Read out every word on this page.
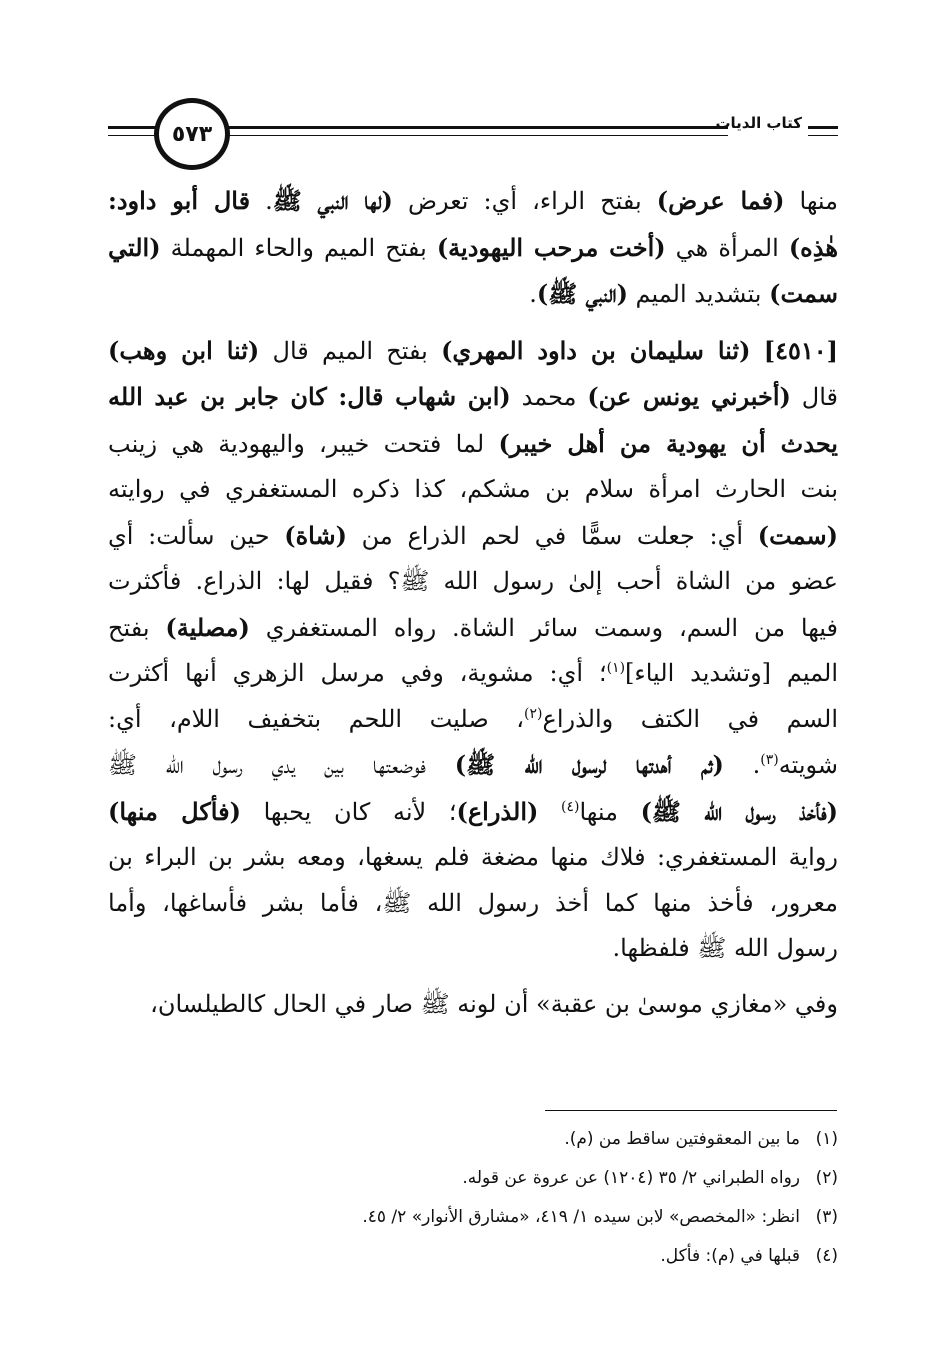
٥٧٣	كتاب الديات

منها (فما عرض) بفتح الراء، أي: تعرض (لها النبي ﷺ. قال أبو داود:
هٰذِه) المرأة هي (أخت مرحب اليهودية) بفتح الميم والحاء المهملة (التي
سمت) بتشديد الميم (النبي ﷺ).

[٤٥١٠] (ثنا سليمان بن داود المهري) بفتح الميم قال (ثنا ابن وهب)
قال (أخبرني يونس عن) محمد (ابن شهاب قال: كان جابر بن عبد الله
يحدث أن يهودية من أهل خيبر) لما فتحت خيبر، واليهودية هي زينب
بنت الحارث امرأة سلام بن مشكم، كذا ذكره المستغفري في روايته
(سمت) أي: جعلت سمًّا في لحم الذراع من (شاة) حين سألت: أي
عضو من الشاة أحب إلىٰ رسول الله ﷺ؟ فقيل لها: الذراع. فأكثرت
فيها من السم، وسمت سائر الشاة. رواه المستغفري (مصلية) بفتح
الميم [وتشديد الياء]$^{(١)}$؛ أي: مشوية، وفي مرسل الزهري أنها أكثرت
السم في الكتف والذراع$^{(٢)}$، صليت اللحم بتخفيف اللام، أي:
شويته$^{(٣)}$. (ثم أهدتها لرسول الله ﷺ) فوضعتها بين يدي رسول الله ﷺ
(فأخذ رسول الله ﷺ) منها$^{(٤)}$ (الذراع)؛ لأنه كان يحبها (فأكل منها)
رواية المستغفري: فلاك منها مضغة فلم يسغها، ومعه بشر بن البراء بن
معرور، فأخذ منها كما أخذ رسول الله ﷺ، فأما بشر فأساغها، وأما
رسول الله ﷺ فلفظها.

وفي «مغازي موسىٰ بن عقبة» أن لونه ﷺ صار في الحال كالطيلسان،

(١)ما بين المعقوفتين ساقط من (م).
(٢)رواه الطبراني ٢/ ٣٥ (١٢٠٤) عن عروة عن قوله.
(٣)انظر: «المخصص» لابن سيده ١/ ٤١٩، «مشارق الأنوار» ٢/ ٤٥.
(٤)قبلها في (م): فأكل.
